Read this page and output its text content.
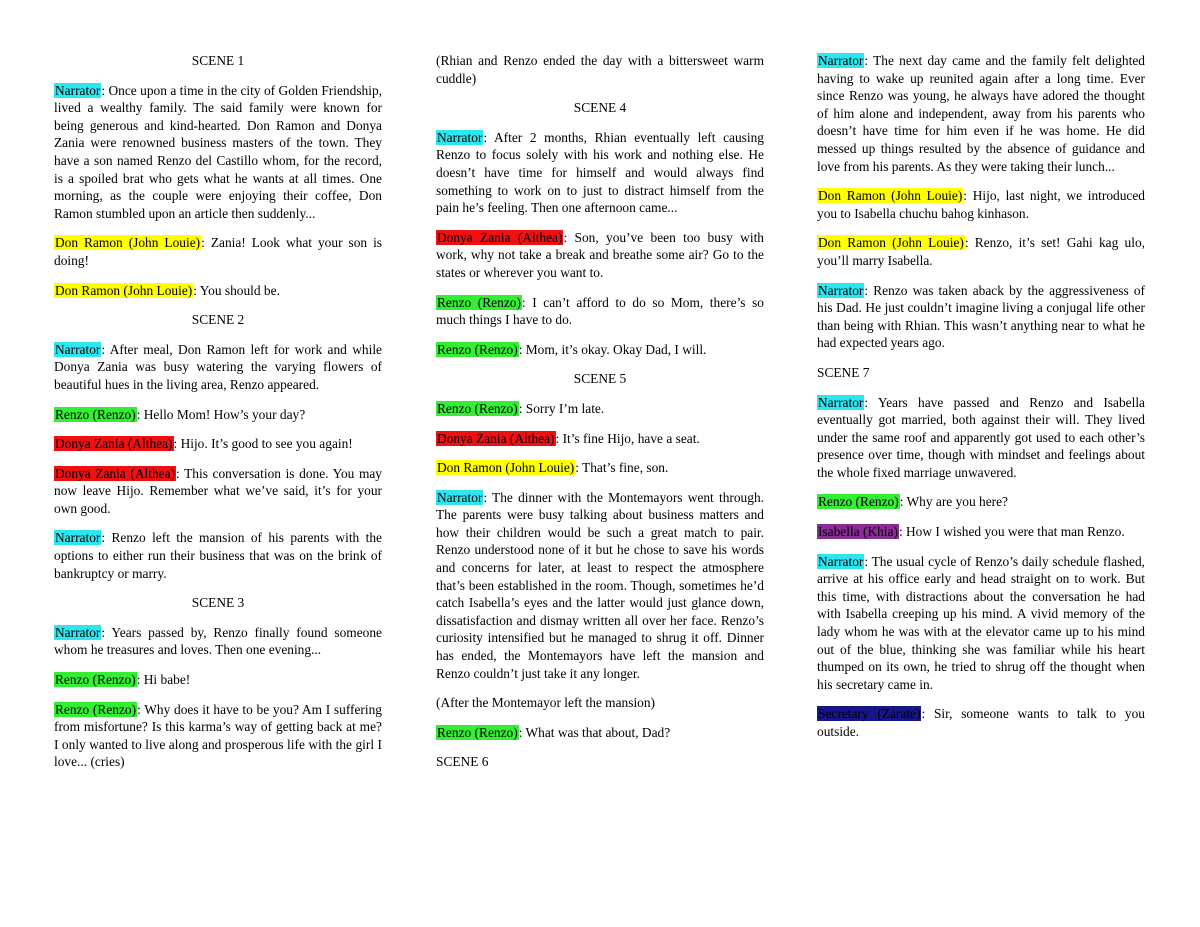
SCENE 1

Narrator: Once upon a time in the city of Golden Friendship, lived a wealthy family. The said family were known for being generous and kind-hearted. Don Ramon and Donya Zania were renowned business masters of the town. They have a son named Renzo del Castillo whom, for the record, is a spoiled brat who gets what he wants at all times. One morning, as the couple were enjoying their coffee, Don Ramon stumbled upon an article then suddenly...

Don Ramon (John Louie): Zania! Look what your son is doing!

Don Ramon (John Louie): You should be.

SCENE 2

Narrator: After meal, Don Ramon left for work and while Donya Zania was busy watering the varying flowers of beautiful hues in the living area, Renzo appeared.

Renzo (Renzo): Hello Mom! How’s your day?

Donya Zania (Althea): Hijo. It’s good to see you again!

Donya Zania (Althea): This conversation is done. You may now leave Hijo. Remember what we’ve said, it’s for your own good.

Narrator: Renzo left the mansion of his parents with the options to either run their business that was on the brink of bankruptcy or marry.

SCENE 3

Narrator: Years passed by, Renzo finally found someone whom he treasures and loves. Then one evening...

Renzo (Renzo): Hi babe!

Renzo (Renzo): Why does it have to be you? Am I suffering from misfortune? Is this karma’s way of getting back at me? I only wanted to live along and prosperous life with the girl I love... (cries)

(Rhian and Renzo ended the day with a bittersweet warm cuddle)

SCENE 4

Narrator: After 2 months, Rhian eventually left causing Renzo to focus solely with his work and nothing else. He doesn’t have time for himself and would always find something to work on to just to distract himself from the pain he’s feeling. Then one afternoon came...

Donya Zania (Althea): Son, you’ve been too busy with work, why not take a break and breathe some air? Go to the states or wherever you want to.

Renzo (Renzo): I can’t afford to do so Mom, there’s so much things I have to do.

Renzo (Renzo): Mom, it’s okay. Okay Dad, I will.

SCENE 5

Renzo (Renzo): Sorry I’m late.

Donya Zania (Althea): It’s fine Hijo, have a seat.

Don Ramon (John Louie): That’s fine, son.

Narrator: The dinner with the Montemayors went through. The parents were busy talking about business matters and how their children would be such a great match to pair. Renzo understood none of it but he chose to save his words and concerns for later, at least to respect the atmosphere that’s been established in the room. Though, sometimes he’d catch Isabella’s eyes and the latter would just glance down, dissatisfaction and dismay written all over her face. Renzo’s curiosity intensified but he managed to shrug it off. Dinner has ended, the Montemayors have left the mansion and Renzo couldn’t just take it any longer.

(After the Montemayor left the mansion)

Renzo (Renzo): What was that about, Dad?

SCENE 6

Narrator: The next day came and the family felt delighted having to wake up reunited again after a long time. Ever since Renzo was young, he always have adored the thought of him alone and independent, away from his parents who doesn’t have time for him even if he was home. He did messed up things resulted by the absence of guidance and love from his parents. As they were taking their lunch...

Don Ramon (John Louie): Hijo, last night, we introduced you to Isabella chuchu bahog kinhason.

Don Ramon (John Louie): Renzo, it’s set! Gahi kag ulo, you’ll marry Isabella.

Narrator: Renzo was taken aback by the aggressiveness of his Dad. He just couldn’t imagine living a conjugal life other than being with Rhian. This wasn’t anything near to what he had expected years ago.

SCENE 7

Narrator: Years have passed and Renzo and Isabella eventually got married, both against their will. They lived under the same roof and apparently got used to each other’s presence over time, though with mindset and feelings about the whole fixed marriage unwavered.

Renzo (Renzo): Why are you here?

Isabella (Khia): How I wished you were that man Renzo.

Narrator: The usual cycle of Renzo’s daily schedule flashed, arrive at his office early and head straight on to work. But this time, with distractions about the conversation he had with Isabella creeping up his mind. A vivid memory of the lady whom he was with at the elevator came up to his mind out of the blue, thinking she was familiar while his heart thumped on its own, he tried to shrug off the thought when his secretary came in.

Secretary (Zarate): Sir, someone wants to talk to you outside.
